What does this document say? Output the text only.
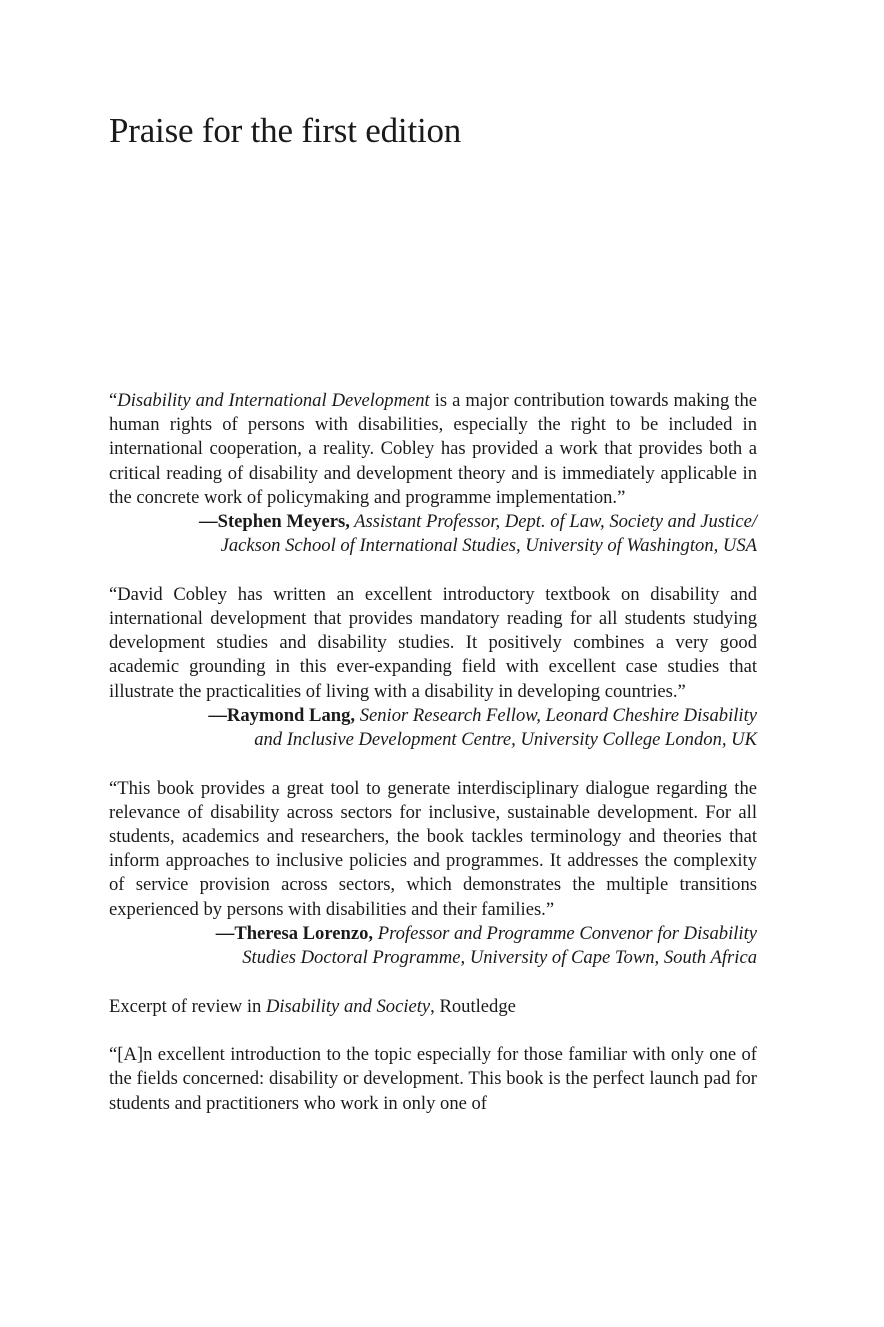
Praise for the first edition

“Disability and International Development is a major contribution towards making the human rights of persons with disabilities, especially the right to be included in international cooperation, a reality. Cobley has provided a work that provides both a critical reading of disability and development theory and is immediately applicable in the concrete work of policymaking and programme implementation.”

—Stephen Meyers, Assistant Professor, Dept. of Law, Society and Justice/
Jackson School of International Studies, University of Washington, USA

“David Cobley has written an excellent introductory textbook on disability and international development that provides mandatory reading for all students studying development studies and disability studies. It positively combines a very good academic grounding in this ever-expanding field with excellent case studies that illustrate the practicalities of living with a disability in developing countries.”

—Raymond Lang, Senior Research Fellow, Leonard Cheshire Disability
and Inclusive Development Centre, University College London, UK

“This book provides a great tool to generate interdisciplinary dialogue regarding the relevance of disability across sectors for inclusive, sustainable development. For all students, academics and researchers, the book tackles terminology and theories that inform approaches to inclusive policies and programmes. It addresses the complexity of service provision across sectors, which demonstrates the multiple transitions experienced by persons with disabilities and their families.”

—Theresa Lorenzo, Professor and Programme Convenor for Disability
Studies Doctoral Programme, University of Cape Town, South Africa

Excerpt of review in Disability and Society, Routledge

“[A]n excellent introduction to the topic especially for those familiar with only one of the fields concerned: disability or development. This book is the perfect launch pad for students and practitioners who work in only one of
